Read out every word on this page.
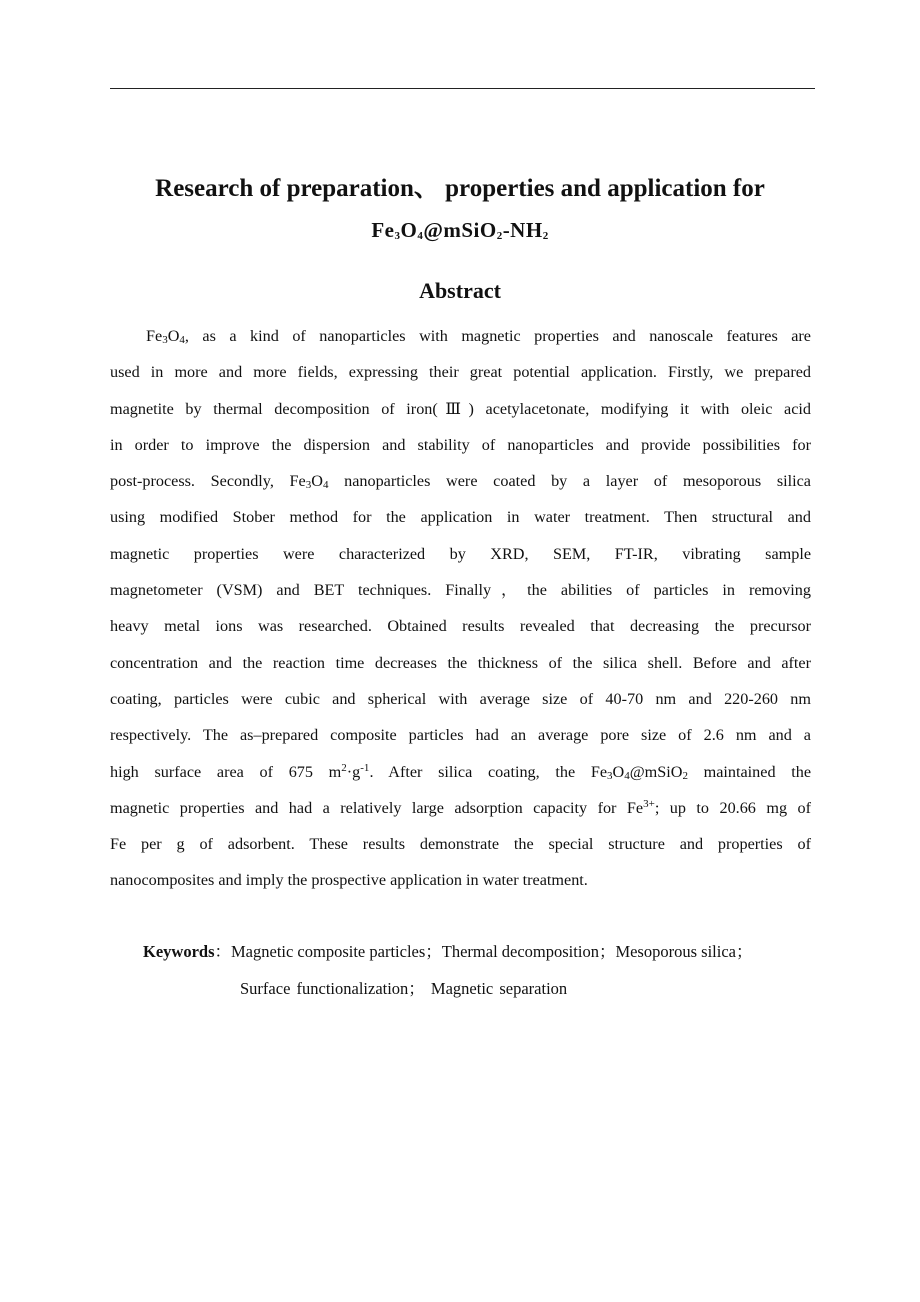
Research of preparation、 properties and application for
$Fe_3O_4@mSiO_2-NH_2$
Abstract
$Fe_3O_4$, as a kind of nanoparticles with magnetic properties and nanoscale features are
used in more and more fields, expressing their great potential application. Firstly, we prepared
magnetite by thermal decomposition of iron(Ⅲ) acetylacetonate, modifying it with oleic acid
in order to improve the dispersion and stability of nanoparticles and provide possibilities for
post-process. Secondly, $Fe_3O_4$ nanoparticles were coated by a layer of mesoporous silica
using modified Stober method for the application in water treatment. Then structural and
magnetic properties were characterized by XRD, SEM, FT-IR, vibrating sample
magnetometer (VSM) and BET techniques. Finally，the abilities of particles in removing
heavy metal ions was researched. Obtained results revealed that decreasing the precursor
concentration and the reaction time decreases the thickness of the silica shell. Before and after
coating, particles were cubic and spherical with average size of 40-70 nm and 220-260 nm
respectively. The as–prepared composite particles had an average pore size of 2.6 nm and a
high surface area of 675 $m^2\cdot g^{-1}$. After silica coating, the $Fe_3O_4@mSiO_2$ maintained the
magnetic properties and had a relatively large adsorption capacity for $Fe^{3+}$; up to 20.66 mg of
Fe per g of adsorbent. These results demonstrate the special structure and properties of
nanocomposites and imply the prospective application in water treatment.
Keywords：Magnetic composite particles；Thermal decomposition；Mesoporous silica；
Surface functionalization； Magnetic separation
